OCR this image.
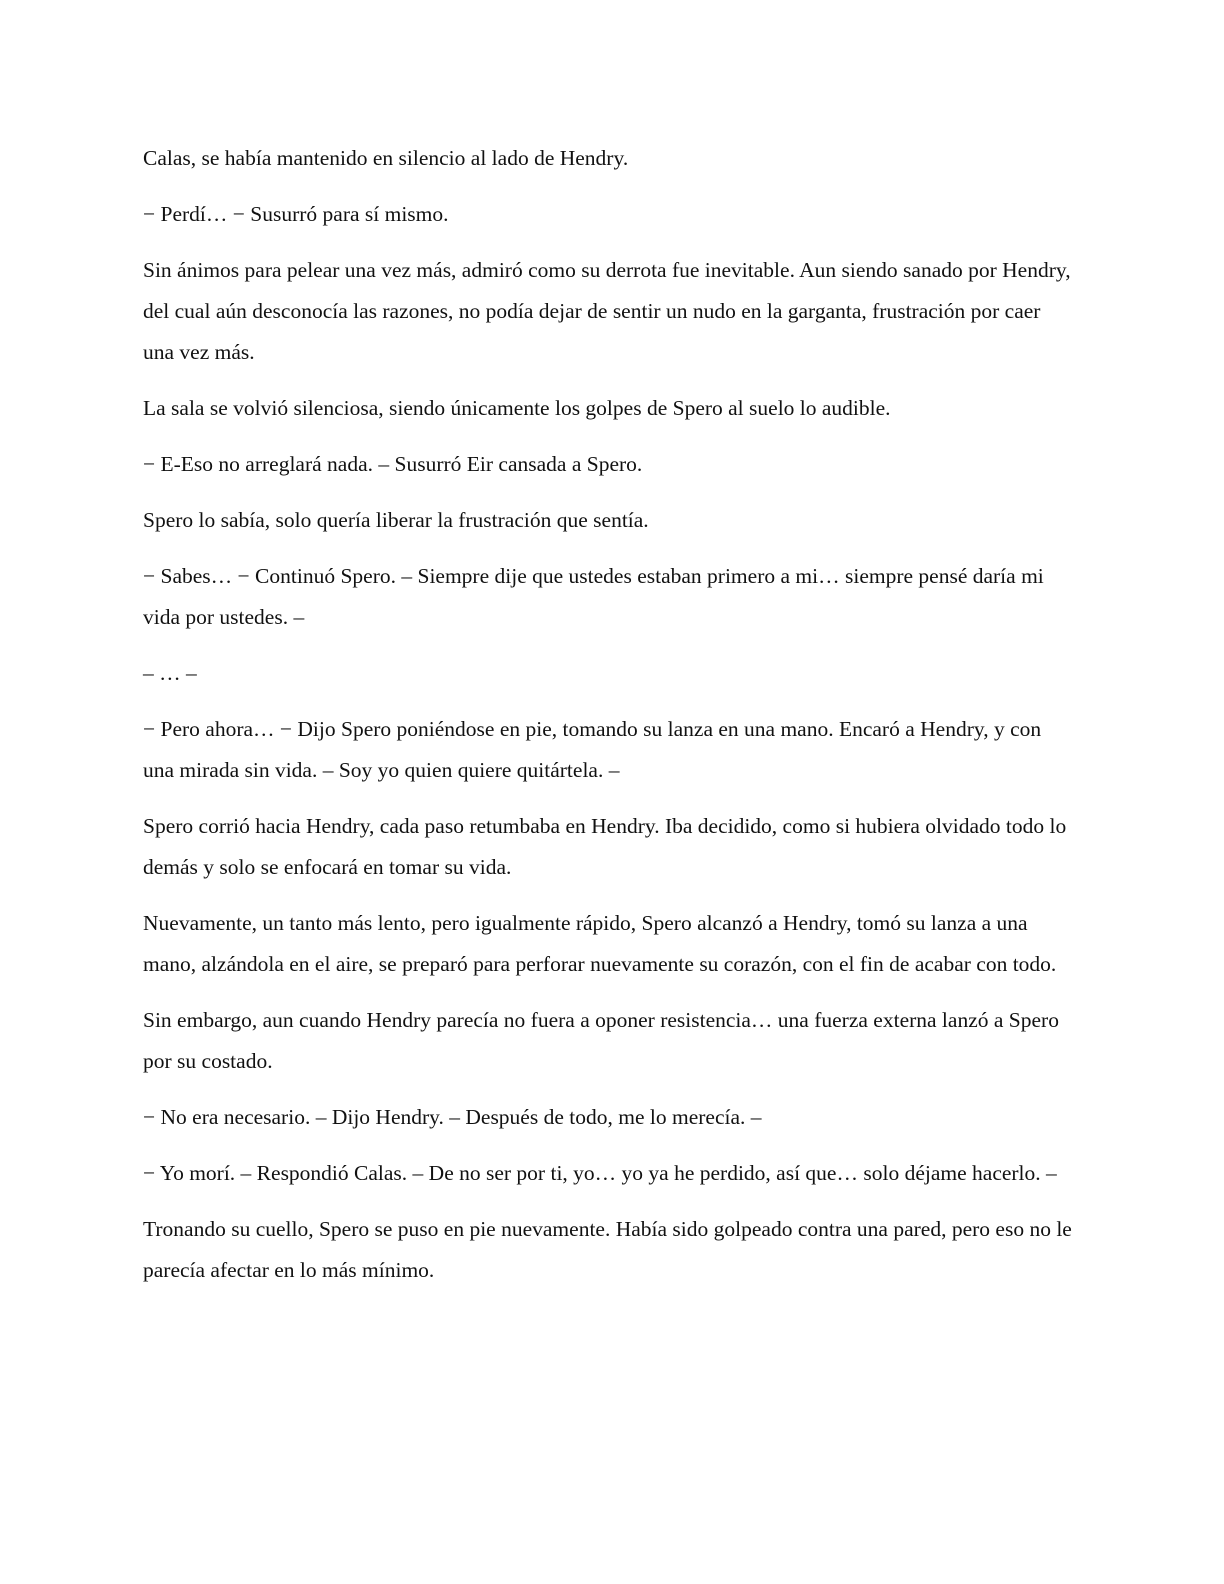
Calas, se había mantenido en silencio al lado de Hendry.

− Perdí… − Susurró para sí mismo.

Sin ánimos para pelear una vez más, admiró como su derrota fue inevitable. Aun siendo sanado por Hendry, del cual aún desconocía las razones, no podía dejar de sentir un nudo en la garganta, frustración por caer una vez más.

La sala se volvió silenciosa, siendo únicamente los golpes de Spero al suelo lo audible.

− E-Eso no arreglará nada. – Susurró Eir cansada a Spero.

Spero lo sabía, solo quería liberar la frustración que sentía.

− Sabes… − Continuó Spero. – Siempre dije que ustedes estaban primero a mi… siempre pensé daría mi vida por ustedes. –

– … –

− Pero ahora… − Dijo Spero poniéndose en pie, tomando su lanza en una mano. Encaró a Hendry, y con una mirada sin vida. – Soy yo quien quiere quitártela. –

Spero corrió hacia Hendry, cada paso retumbaba en Hendry. Iba decidido, como si hubiera olvidado todo lo demás y solo se enfocará en tomar su vida.

Nuevamente, un tanto más lento, pero igualmente rápido, Spero alcanzó a Hendry, tomó su lanza a una mano, alzándola en el aire, se preparó para perforar nuevamente su corazón, con el fin de acabar con todo.

Sin embargo, aun cuando Hendry parecía no fuera a oponer resistencia… una fuerza externa lanzó a Spero por su costado.

− No era necesario. – Dijo Hendry. – Después de todo, me lo merecía. –

− Yo morí. – Respondió Calas. – De no ser por ti, yo… yo ya he perdido, así que… solo déjame hacerlo. –

Tronando su cuello, Spero se puso en pie nuevamente. Había sido golpeado contra una pared, pero eso no le parecía afectar en lo más mínimo.
